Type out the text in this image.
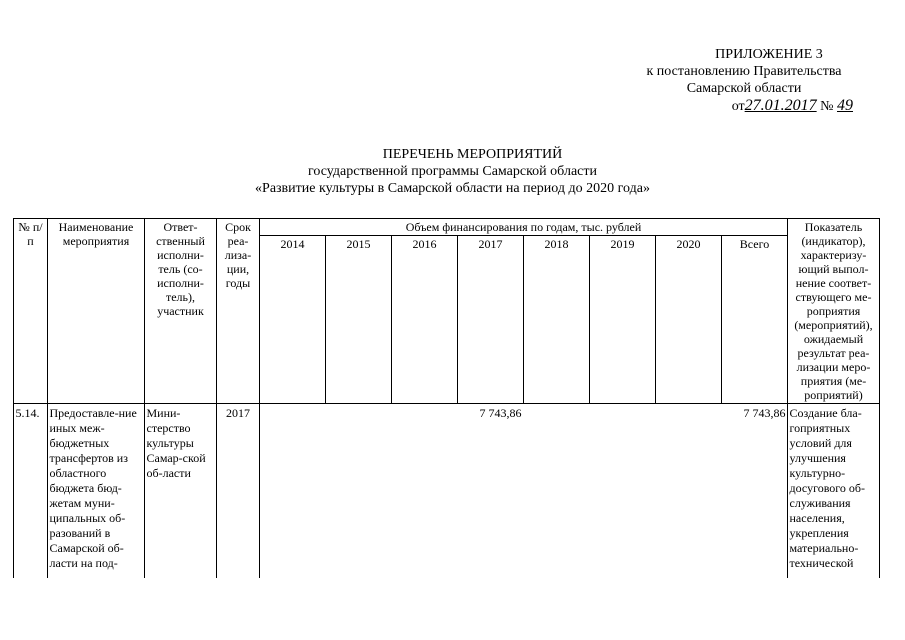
ПРИЛОЖЕНИЕ 3
к постановлению Правительства
Самарской области
от27.01.2017 № 49
ПЕРЕЧЕНЬ МЕРОПРИЯТИЙ
государственной программы Самарской области
«Развитие культуры в Самарской области на период до 2020 года»
№ п/п	Наименование мероприятия	Ответ-ственный исполни-тель (со-исполни-тель), участник	Срок реа-лиза-ции, годы	Объем финансирования по годам, тыс. рублей								Показатель (индикатор), характеризу-ющий выпол-нение соответ-ствующего ме-роприятия (мероприятий), ожидаемый результат реа-лизации меро-приятия (ме-роприятий)
				2014	2015	2016	2017	2018	2019	2020	Всего	
5.14.	Предоставле-ние иных меж-бюджетных трансфертов из областного бюджета бюд-жетам муни-ципальных об-разований в Самарской об-ласти на под-	Мини-стерство культуры Самар-ской об-ласти	2017				7 743,86				7 743,86	Создание бла-гоприятных условий для улучшения культурно-досугового об-служивания населения, укрепления материально-технической
